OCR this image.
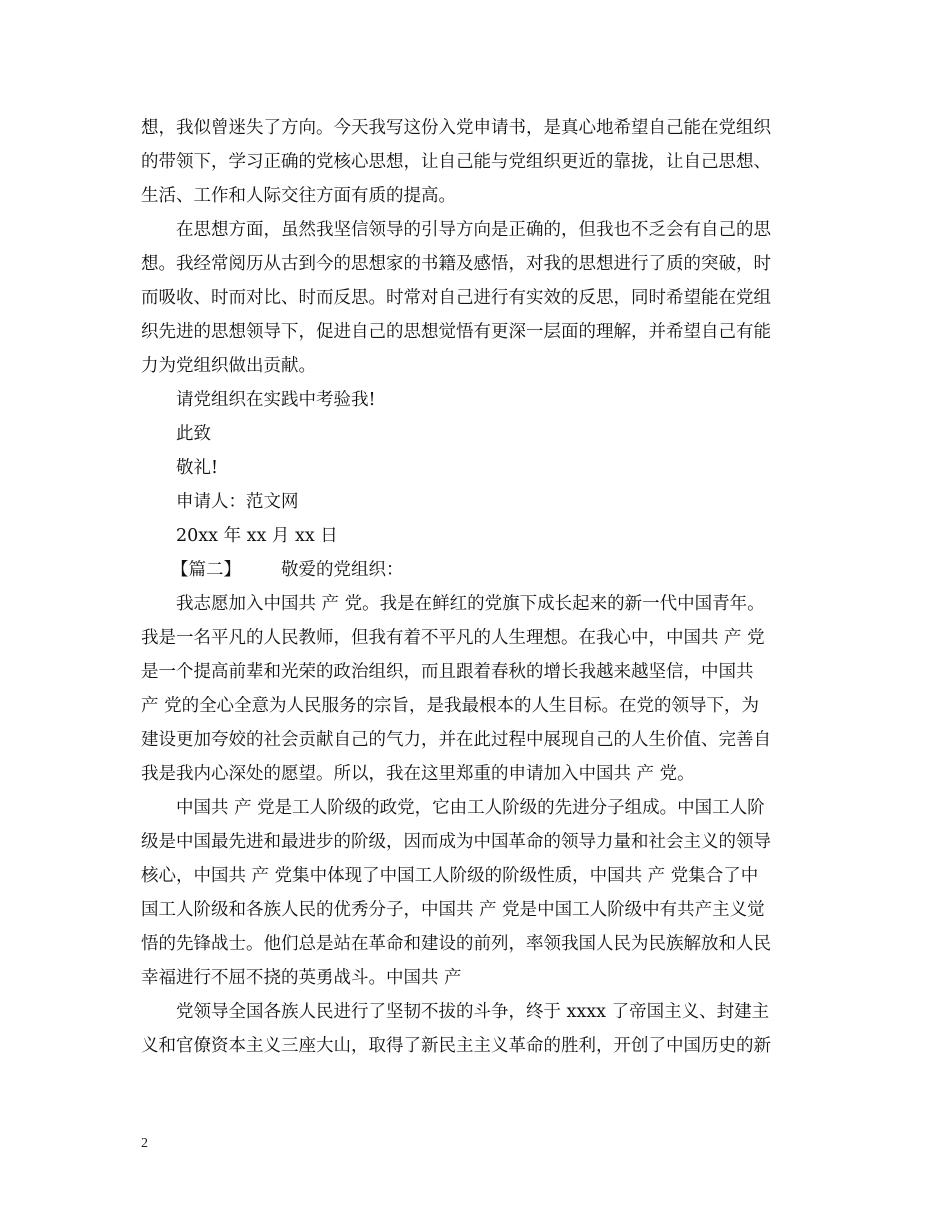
想，我似曾迷失了方向。今天我写这份入党申请书，是真心地希望自己能在党组织
的带领下，学习正确的党核心思想，让自己能与党组织更近的靠拢，让自己思想、
生活、工作和人际交往方面有质的提高。
在思想方面，虽然我坚信领导的引导方向是正确的，但我也不乏会有自己的思
想。我经常阅历从古到今的思想家的书籍及感悟，对我的思想进行了质的突破，时
而吸收、时而对比、时而反思。时常对自己进行有实效的反思，同时希望能在党组
织先进的思想领导下，促进自己的思想觉悟有更深一层面的理解，并希望自己有能
力为党组织做出贡献。
请党组织在实践中考验我!
此致
敬礼!
申请人：范文网
20xx 年 xx 月 xx 日
【篇二】 敬爱的党组织：
我志愿加入中国共 产 党。我是在鲜红的党旗下成长起来的新一代中国青年。
我是一名平凡的人民教师，但我有着不平凡的人生理想。在我心中，中国共 产 党
是一个提高前辈和光荣的政治组织，而且跟着春秋的增长我越来越坚信，中国共
产 党的全心全意为人民服务的宗旨，是我最根本的人生目标。在党的领导下，为
建设更加夸姣的社会贡献自己的气力，并在此过程中展现自己的人生价值、完善自
我是我内心深处的愿望。所以，我在这里郑重的申请加入中国共 产 党。
中国共 产 党是工人阶级的政党，它由工人阶级的先进分子组成。中国工人阶
级是中国最先进和最进步的阶级，因而成为中国革命的领导力量和社会主义的领导
核心，中国共 产 党集中体现了中国工人阶级的阶级性质，中国共 产 党集合了中
国工人阶级和各族人民的优秀分子，中国共 产 党是中国工人阶级中有共产主义觉
悟的先锋战士。他们总是站在革命和建设的前列，率领我国人民为民族解放和人民
幸福进行不屈不挠的英勇战斗。中国共 产
党领导全国各族人民进行了坚韧不拔的斗争，终于 xxxx 了帝国主义、封建主
义和官僚资本主义三座大山，取得了新民主主义革命的胜利，开创了中国历史的新
2
